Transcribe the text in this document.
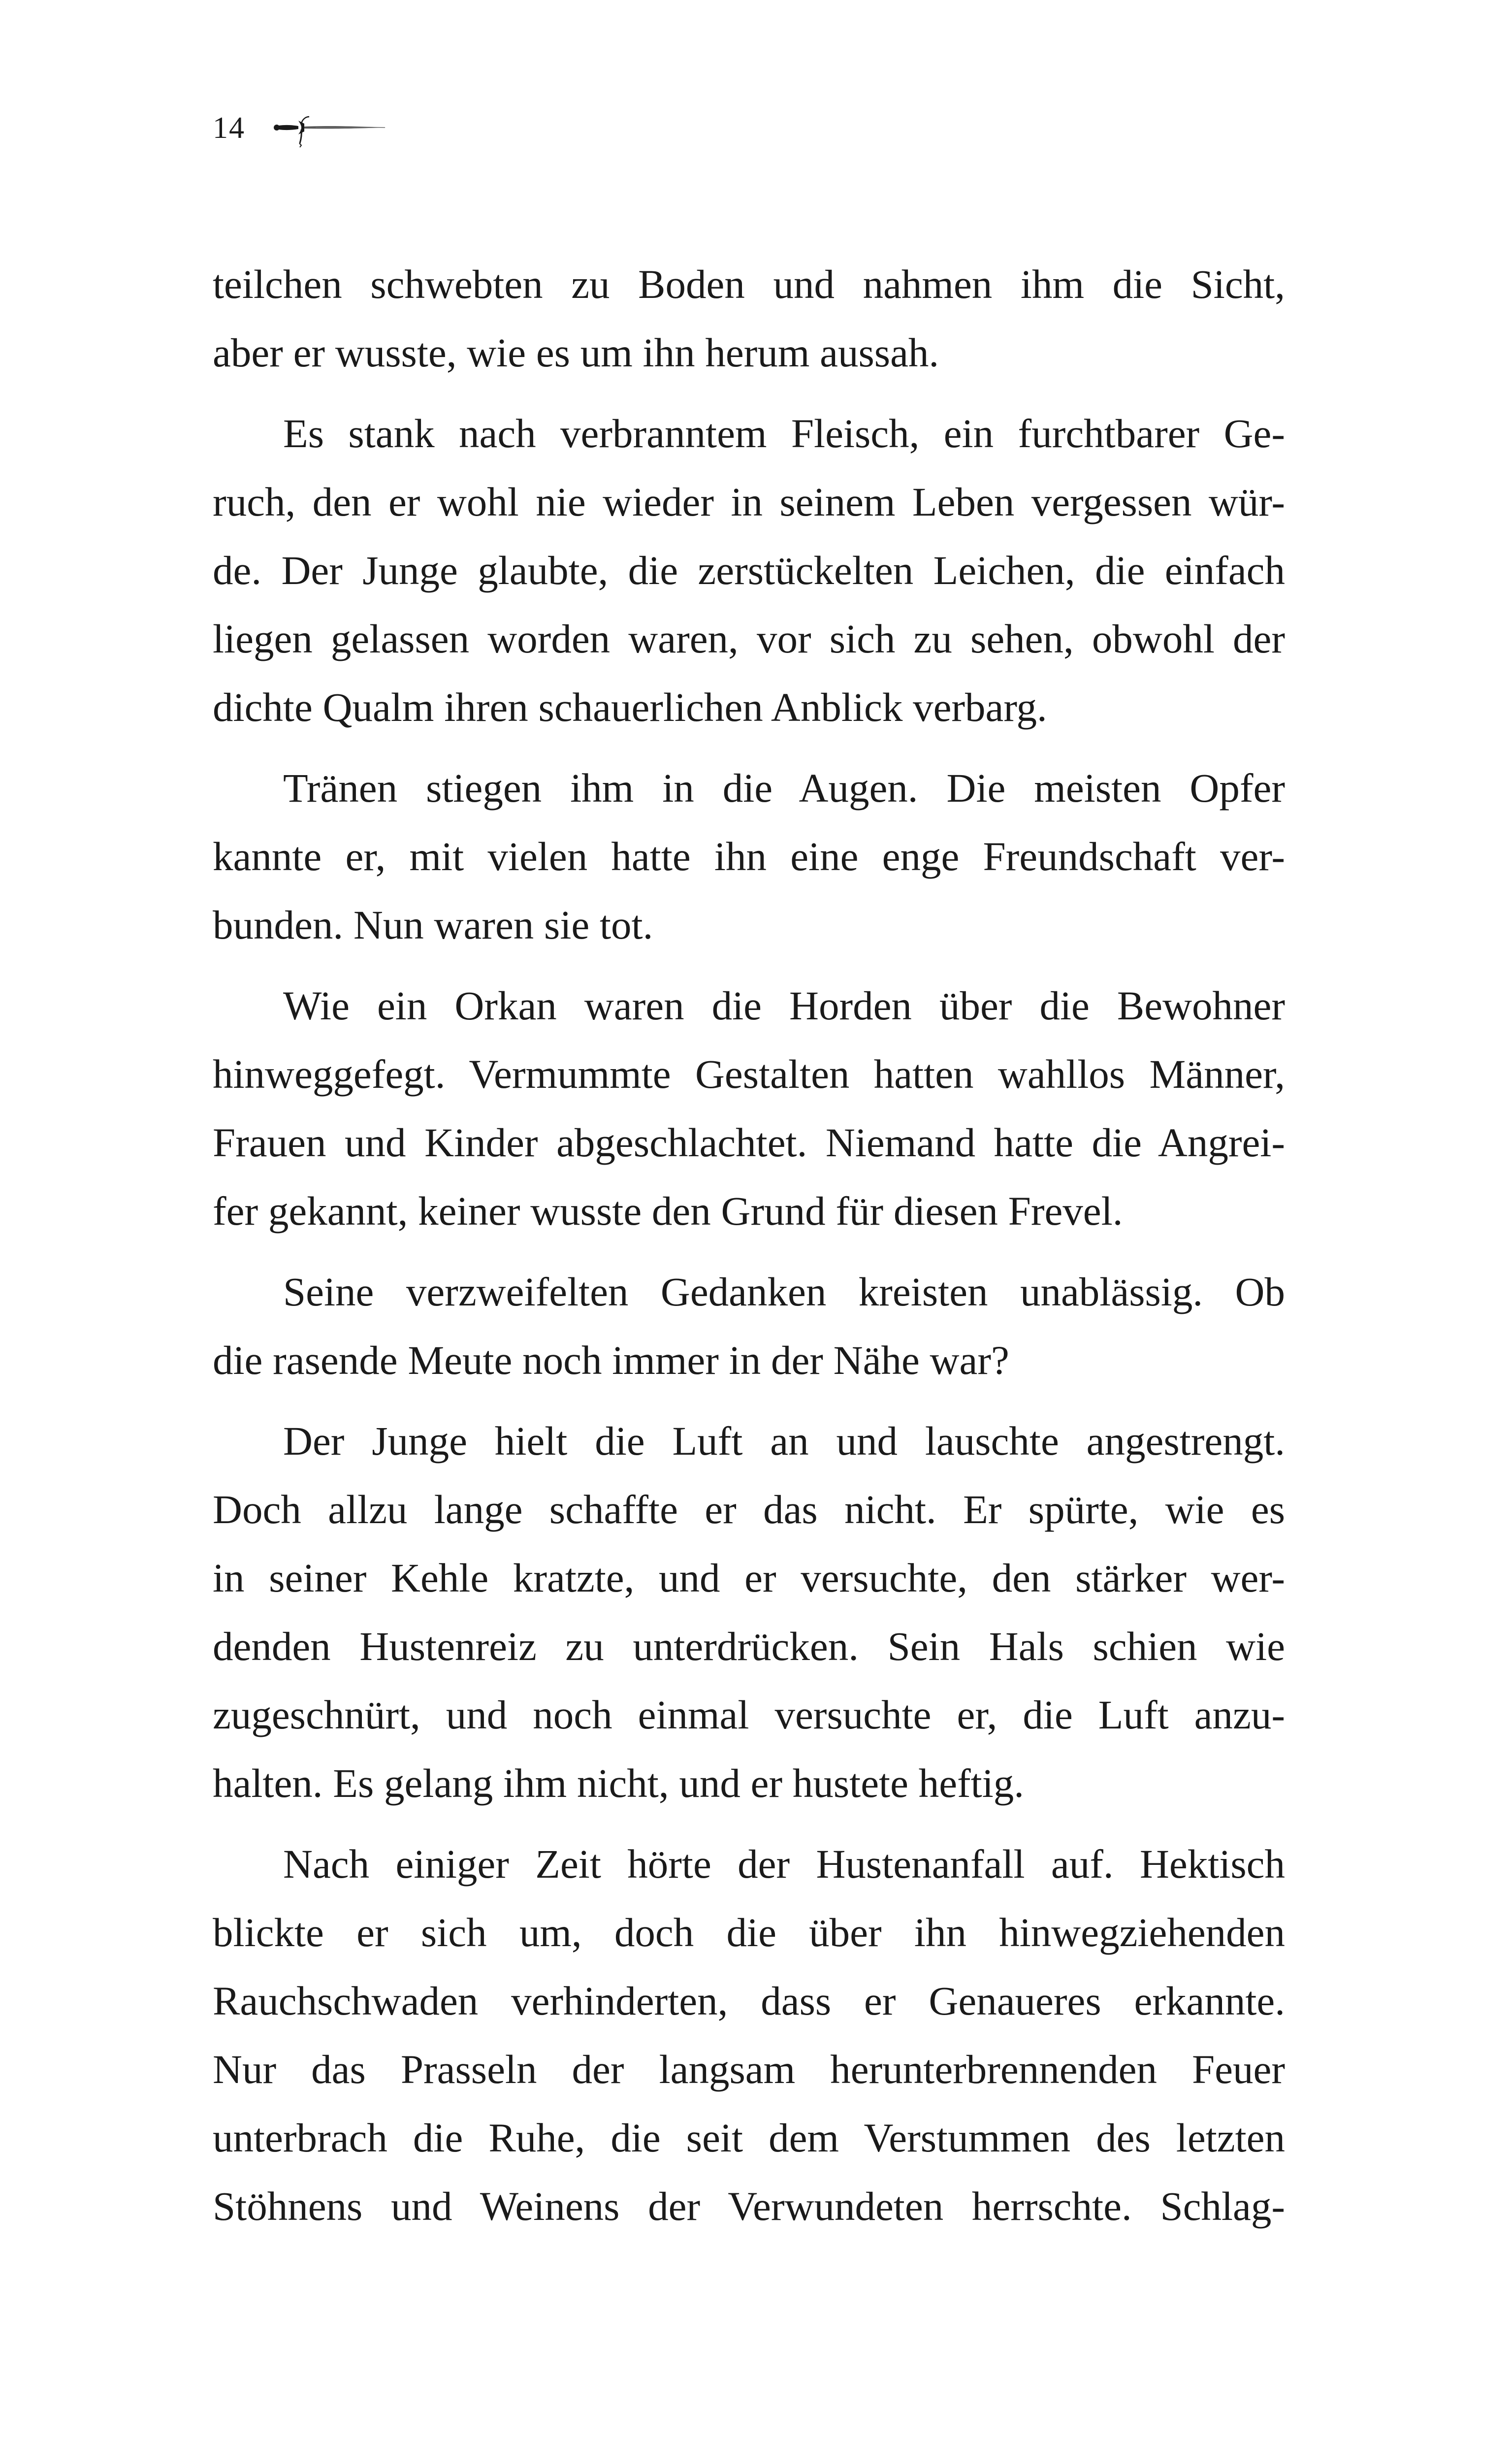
14

teilchen schwebten zu Boden und nahmen ihm die Sicht,
aber er wusste, wie es um ihn herum aussah.

Es stank nach verbranntem Fleisch, ein furchtbarer Ge-
ruch, den er wohl nie wieder in seinem Leben vergessen wür-
de. Der Junge glaubte, die zerstückelten Leichen, die einfach
liegen gelassen worden waren, vor sich zu sehen, obwohl der
dichte Qualm ihren schauerlichen Anblick verbarg.

Tränen stiegen ihm in die Augen. Die meisten Opfer
kannte er, mit vielen hatte ihn eine enge Freundschaft ver-
bunden. Nun waren sie tot.

Wie ein Orkan waren die Horden über die Bewohner
hinweggefegt. Vermummte Gestalten hatten wahllos Männer,
Frauen und Kinder abgeschlachtet. Niemand hatte die Angrei-
fer gekannt, keiner wusste den Grund für diesen Frevel.

Seine verzweifelten Gedanken kreisten unablässig. Ob
die rasende Meute noch immer in der Nähe war?

Der Junge hielt die Luft an und lauschte angestrengt.
Doch allzu lange schaffte er das nicht. Er spürte, wie es
in seiner Kehle kratzte, und er versuchte, den stärker wer-
denden Hustenreiz zu unterdrücken. Sein Hals schien wie
zugeschnürt, und noch einmal versuchte er, die Luft anzu-
halten. Es gelang ihm nicht, und er hustete heftig.

Nach einiger Zeit hörte der Hustenanfall auf. Hektisch
blickte er sich um, doch die über ihn hinwegziehenden
Rauchschwaden verhinderten, dass er Genaueres erkannte.
Nur das Prasseln der langsam herunterbrennenden Feuer
unterbrach die Ruhe, die seit dem Verstummen des letzten
Stöhnens und Weinens der Verwundeten herrschte. Schlag-
